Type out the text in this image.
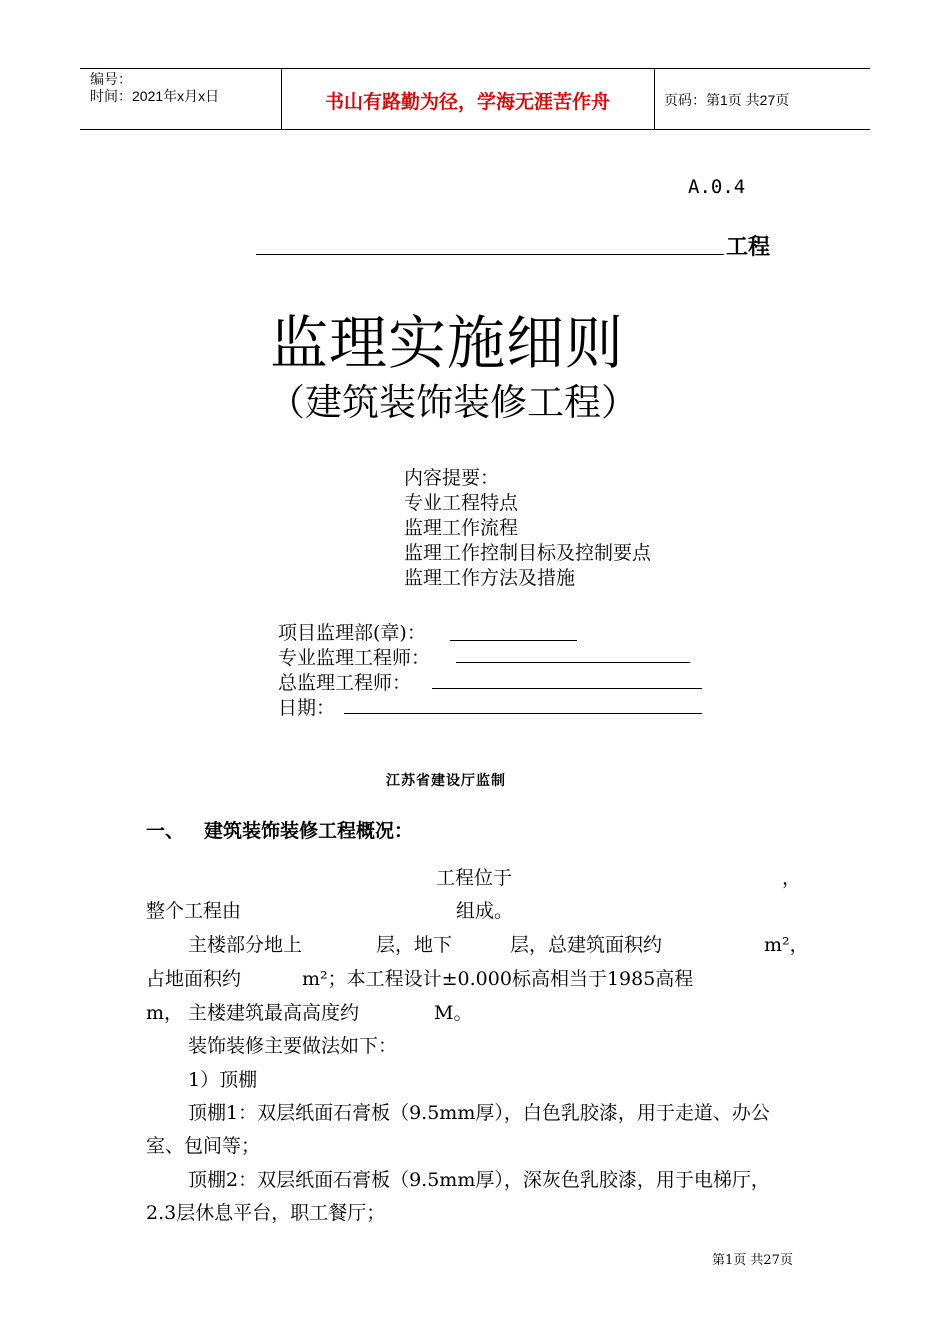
编号：
时间：2021年x月x日	书山有路勤为径，学海无涯苦作舟	页码：第1页 共27页
A.0.4
工程
监理实施细则
（建筑装饰装修工程）
内容提要：
专业工程特点
监理工作流程
监理工作控制目标及控制要点
监理工作方法及措施
项目监理部(章)：
专业监理工程师：
总监理工程师：
日期：
江苏省建设厅监制
一、 建筑装饰装修工程概况：
工程位于	，
整个工程由	组成。
主楼部分地上	层，地下	层，总建筑面积约	m²，
占地面积约	m²；本工程设计±0.000标高相当于1985高程
m， 主楼建筑最高高度约	M。
装饰装修主要做法如下：
1）顶棚
顶棚1：双层纸面石膏板（9.5mm厚），白色乳胶漆，用于走道、办公
室、包间等；
顶棚2：双层纸面石膏板（9.5mm厚），深灰色乳胶漆，用于电梯厅，
2.3层休息平台，职工餐厅；
第1页 共27页
